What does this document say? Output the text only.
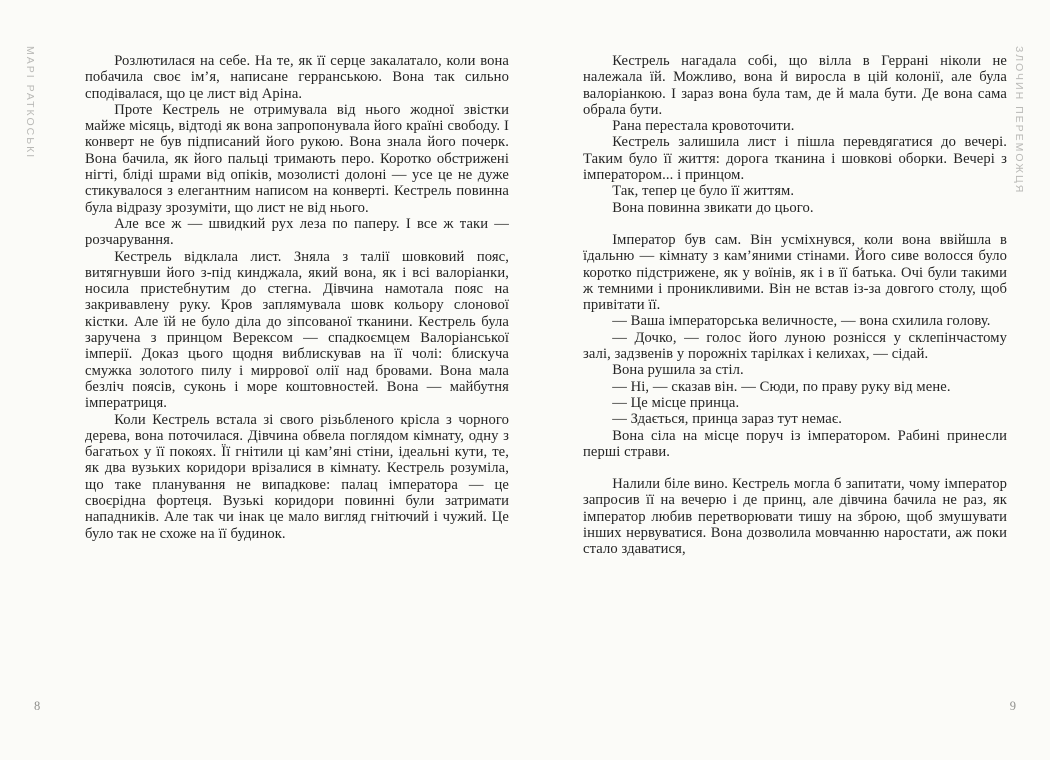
МАРІ РАТКОСЬКІ	ЗЛОЧИН ПЕРЕМОЖЦЯ

Розлютилася на себе. На те, як її серце закалатало, коли вона побачила своє ім’я, написане герранською. Вона так сильно сподівалася, що це лист від Аріна.

Проте Кестрель не отримувала від нього жодної звістки майже місяць, відтоді як вона запропонувала його країні свободу. І конверт не був підписаний його рукою. Вона знала його почерк. Вона бачила, як його пальці тримають перо. Коротко обстрижені нігті, бліді шрами від опіків, мозолисті долоні — усе це не дуже стикувалося з елегантним написом на конверті. Кестрель повинна була відразу зрозуміти, що лист не від нього.

Але все ж — швидкий рух леза по паперу. І все ж таки — розчарування.

Кестрель відклала лист. Зняла з талії шовковий пояс, витягнувши його з-під кинджала, який вона, як і всі валоріанки, носила пристебнутим до стегна. Дівчина намотала пояс на закривавлену руку. Кров заплямувала шовк кольору слонової кістки. Але їй не було діла до зіпсованої тканини. Кестрель була заручена з принцом Верексом — спадкоємцем Валоріанської імперії. Доказ цього щодня виблискував на її чолі: блискуча смужка золотого пилу і миррової олії над бровами. Вона мала безліч поясів, суконь і море коштовностей. Вона — майбутня імператриця.

Коли Кестрель встала зі свого різьбленого крісла з чорного дерева, вона поточилася. Дівчина обвела поглядом кімнату, одну з багатьох у її покоях. Її гнітили ці кам’яні стіни, ідеальні кути, те, як два вузьких коридори врізалися в кімнату. Кестрель розуміла, що таке планування не випадкове: палац імператора — це своєрідна фортеця. Вузькі коридори повинні були затримати нападників. Але так чи інак це мало вигляд гнітючий і чужий. Це було так не схоже на її будинок.

Кестрель нагадала собі, що вілла в Геррані ніколи не належала їй. Можливо, вона й виросла в цій колонії, але була валоріанкою. І зараз вона була там, де й мала бути. Де вона сама обрала бути.

Рана перестала кровоточити.

Кестрель залишила лист і пішла перевдягатися до вечері. Таким було її життя: дорога тканина і шовкові оборки. Вечері з імператором... і принцом.

Так, тепер це було її життям.

Вона повинна звикати до цього.

Імператор був сам. Він усміхнувся, коли вона ввійшла в їдальню — кімнату з кам’яними стінами. Його сиве волосся було коротко підстрижене, як у воїнів, як і в її батька. Очі були такими ж темними і проникливими. Він не встав із-за довгого столу, щоб привітати її.

— Ваша імператорська величносте, — вона схилила голову.

— Дочко, — голос його луною рознісся у склепінчастому залі, задзвенів у порожніх тарілках і келихах, — сідай.

Вона рушила за стіл.

— Ні, — сказав він. — Сюди, по праву руку від мене.

— Це місце принца.

— Здається, принца зараз тут немає.

Вона сіла на місце поруч із імператором. Рабині принесли перші страви.

Налили біле вино. Кестрель могла б запитати, чому імператор запросив її на вечерю і де принц, але дівчина бачила не раз, як імператор любив перетворювати тишу на зброю, щоб змушувати інших нервуватися. Вона дозволила мовчанню наростати, аж поки стало здаватися,

8	9
